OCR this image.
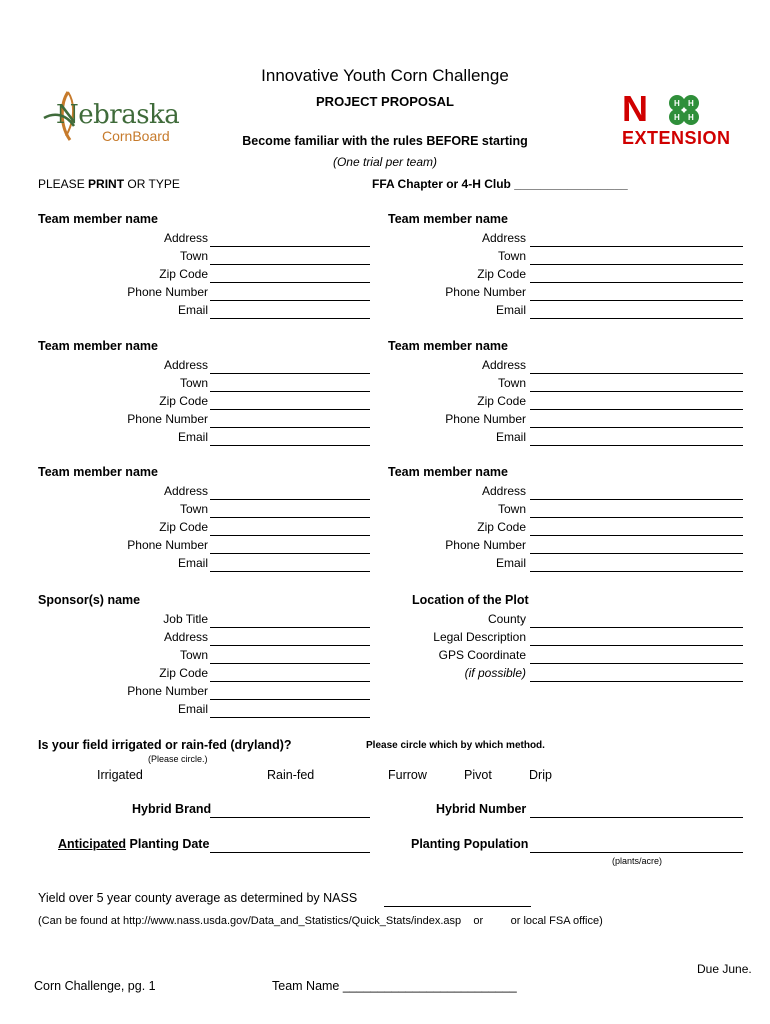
Nebraska
CornBoard
N	H H
H H
EXTENSION
Innovative Youth Corn Challenge
PROJECT PROPOSAL
Become familiar with the rules BEFORE starting
(One trial per team)
PLEASE PRINT OR TYPE	FFA Chapter or 4-H Club _________________
Team member name
Address
Town
Zip Code
Phone Number
Email
Team member name
Address
Town
Zip Code
Phone Number
Email
Team member name
Address
Town
Zip Code
Phone Number
Email
Team member name
Address
Town
Zip Code
Phone Number
Email
Team member name
Address
Town
Zip Code
Phone Number
Email
Team member name
Address
Town
Zip Code
Phone Number
Email
Sponsor(s) name
Job Title
Address
Town
Zip Code
Phone Number
Email
Location of the Plot
County
Legal Description
GPS Coordinate
(if possible)
Is your field irrigated or rain-fed (dryland)?
(Please circle.)
Irrigated	Rain-fed
Please circle which by which method.
Furrow	Pivot	Drip
Hybrid Brand	Hybrid Number
Anticipated Planting Date	Planting Population
(plants/acre)
Yield over 5 year county average as determined by NASS
(Can be found at http://www.nass.usda.gov/Data_and_Statistics/Quick_Stats/index.asp    or         or local FSA office)
Due June.
Corn Challenge, pg. 1	Team Name _________________________
